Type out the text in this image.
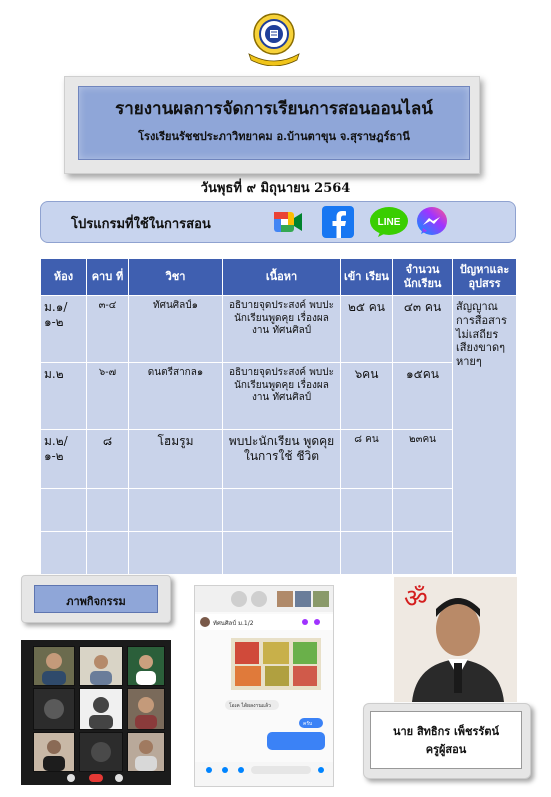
รายงานผลการจัดการเรียนการสอนออนไลน์
โรงเรียนรัชชประภาวิทยาคม อ.บ้านตาขุน จ.สุราษฎร์ธานี
วันพุธที่ ๙ มิถุนายน 2564
โปรแกรมที่ใช้ในการสอน	LINE
ห้อง	คาบ ที่	วิชา	เนื้อหา	เข้า เรียน	จำนวน นักเรียน	ปัญหาและ อุปสรร
ม.๑/ ๑-๒	๓-๔	ทัศนศิลป์๑	อธิบายจุดประสงค์ พบปะนักเรียนพูดคุย เรื่องผลงาน ทัศนศิลป์	๒๕ คน	๔๓ คน	สัญญาณ การสื่อสาร ไม่เสถียร เสียงขาดๆ หายๆ
ม.๒	๖-๗	ดนตรีสากล๑	อธิบายจุดประสงค์ พบปะนักเรียนพูดคุย เรื่องผลงาน ทัศนศิลป์	๖คน	๑๕คน	
ม.๒/ ๑-๒	๘	โฮมรูม	พบปะนักเรียน พูดคุย ในการใช้ ชีวิต	๘ คน	๒๓คน	

ภาพกิจกรรม
ทัศนศิลป์ ม.1/2
โอเค ได้ผลงานแล้ว
ครับ
ॐ
นาย สิทธิกร เพ็ชรรัตน์
ครูผู้สอน
